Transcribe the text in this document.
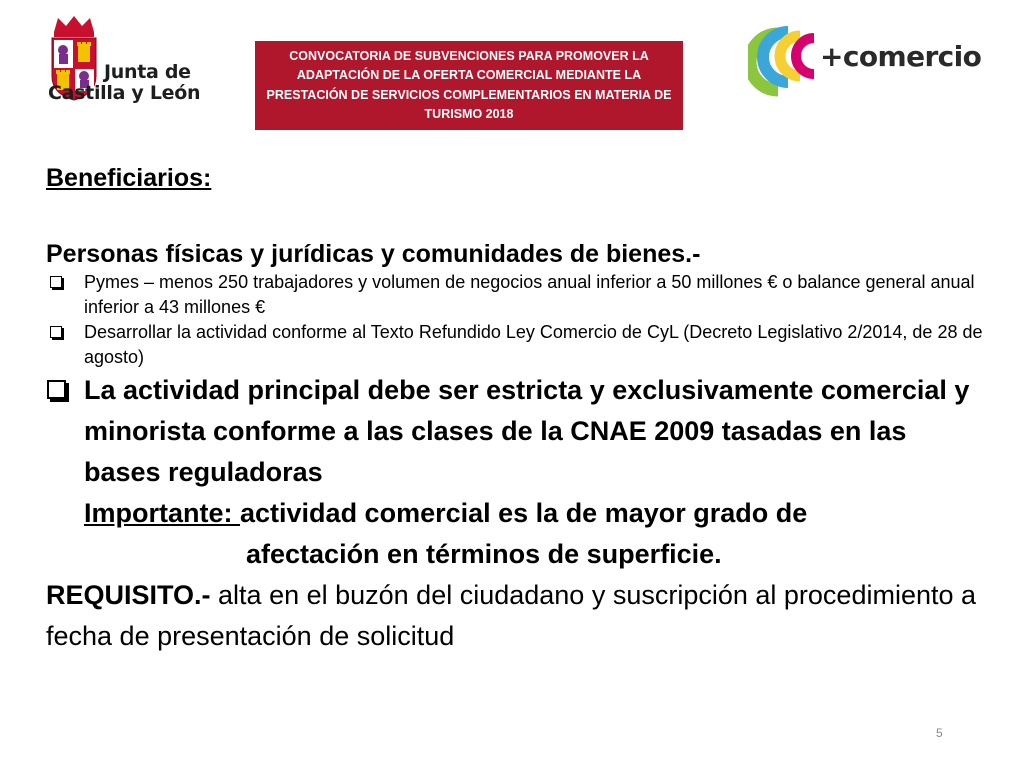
Junta de
Castilla y León
CONVOCATORIA DE SUBVENCIONES PARA PROMOVER LA ADAPTACIÓN DE LA OFERTA COMERCIAL MEDIANTE LA PRESTACIÓN DE SERVICIOS COMPLEMENTARIOS EN MATERIA DE TURISMO 2018
+comercio
Beneficiarios:
Personas físicas y jurídicas y comunidades de bienes.-
Pymes – menos 250 trabajadores y volumen de negocios anual inferior a 50 millones € o balance general anual inferior a 43 millones €
Desarrollar la actividad conforme al Texto Refundido Ley Comercio de CyL (Decreto Legislativo 2/2014, de 28 de agosto)
La actividad principal debe ser estricta y exclusivamente comercial y minorista conforme a las clases de la CNAE 2009 tasadas en las bases reguladoras
Importante: actividad comercial es la de mayor grado de
afectación en términos de superficie.
REQUISITO.- alta en el buzón del ciudadano y suscripción al procedimiento a fecha de presentación de solicitud
5
